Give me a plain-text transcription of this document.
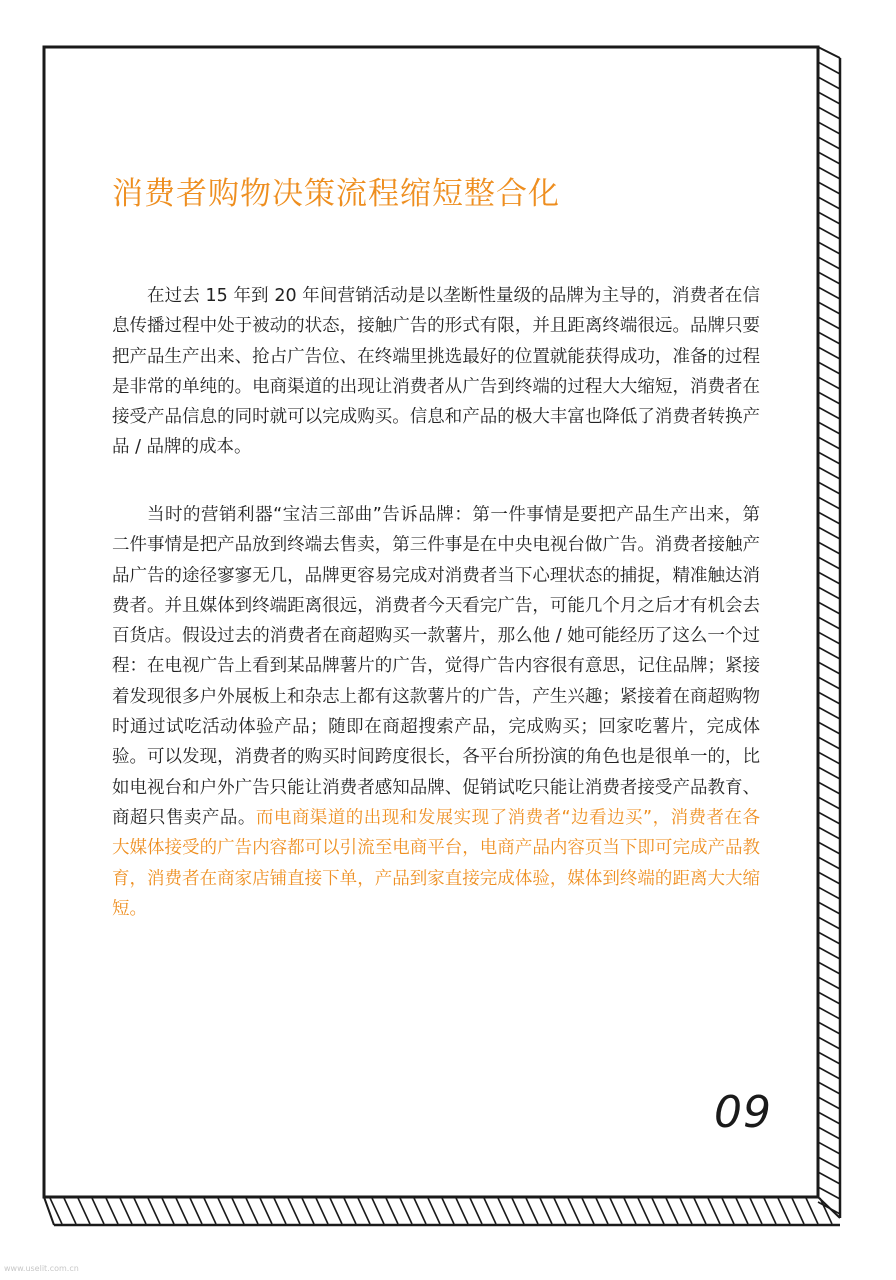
消费者购物决策流程缩短整合化

在过去 15 年到 20 年间营销活动是以垄断性量级的品牌为主导的，消费者在信息传播过程中处于被动的状态，接触广告的形式有限，并且距离终端很远。品牌只要把产品生产出来、抢占广告位、在终端里挑选最好的位置就能获得成功，准备的过程是非常的单纯的。电商渠道的出现让消费者从广告到终端的过程大大缩短，消费者在接受产品信息的同时就可以完成购买。信息和产品的极大丰富也降低了消费者转换产品 / 品牌的成本。

当时的营销利器“宝洁三部曲”告诉品牌：第一件事情是要把产品生产出来，第二件事情是把产品放到终端去售卖，第三件事是在中央电视台做广告。消费者接触产品广告的途径寥寥无几，品牌更容易完成对消费者当下心理状态的捕捉，精准触达消费者。并且媒体到终端距离很远，消费者今天看完广告，可能几个月之后才有机会去百货店。假设过去的消费者在商超购买一款薯片，那么他 / 她可能经历了这么一个过程：在电视广告上看到某品牌薯片的广告，觉得广告内容很有意思，记住品牌；紧接着发现很多户外展板上和杂志上都有这款薯片的广告，产生兴趣；紧接着在商超购物时通过试吃活动体验产品；随即在商超搜索产品，完成购买；回家吃薯片，完成体验。可以发现，消费者的购买时间跨度很长，各平台所扮演的角色也是很单一的，比如电视台和户外广告只能让消费者感知品牌、促销试吃只能让消费者接受产品教育、商超只售卖产品。而电商渠道的出现和发展实现了消费者“边看边买”，消费者在各大媒体接受的广告内容都可以引流至电商平台，电商产品内容页当下即可完成产品教育，消费者在商家店铺直接下单，产品到家直接完成体验，媒体到终端的距离大大缩短。

09
www.uselit.com.cn
